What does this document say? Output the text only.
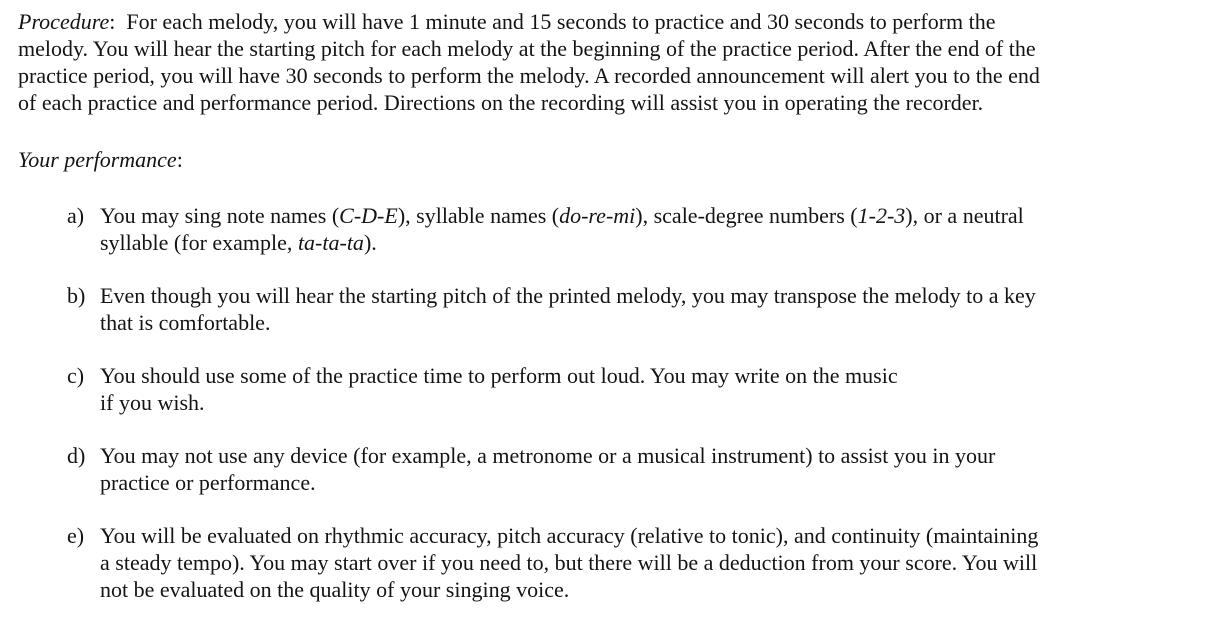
Procedure:  For each melody, you will have 1 minute and 15 seconds to practice and 30 seconds to perform the
melody. You will hear the starting pitch for each melody at the beginning of the practice period. After the end of the
practice period, you will have 30 seconds to perform the melody. A recorded announcement will alert you to the end
of each practice and performance period. Directions on the recording will assist you in operating the recorder.
Your performance:
a) You may sing note names (C-D-E), syllable names (do-re-mi), scale-degree numbers (1-2-3), or a neutral
syllable (for example, ta-ta-ta).
b) Even though you will hear the starting pitch of the printed melody, you may transpose the melody to a key
that is comfortable.
c) You should use some of the practice time to perform out loud. You may write on the music
if you wish.
d) You may not use any device (for example, a metronome or a musical instrument) to assist you in your
practice or performance.
e) You will be evaluated on rhythmic accuracy, pitch accuracy (relative to tonic), and continuity (maintaining
a steady tempo). You may start over if you need to, but there will be a deduction from your score. You will
not be evaluated on the quality of your singing voice.
